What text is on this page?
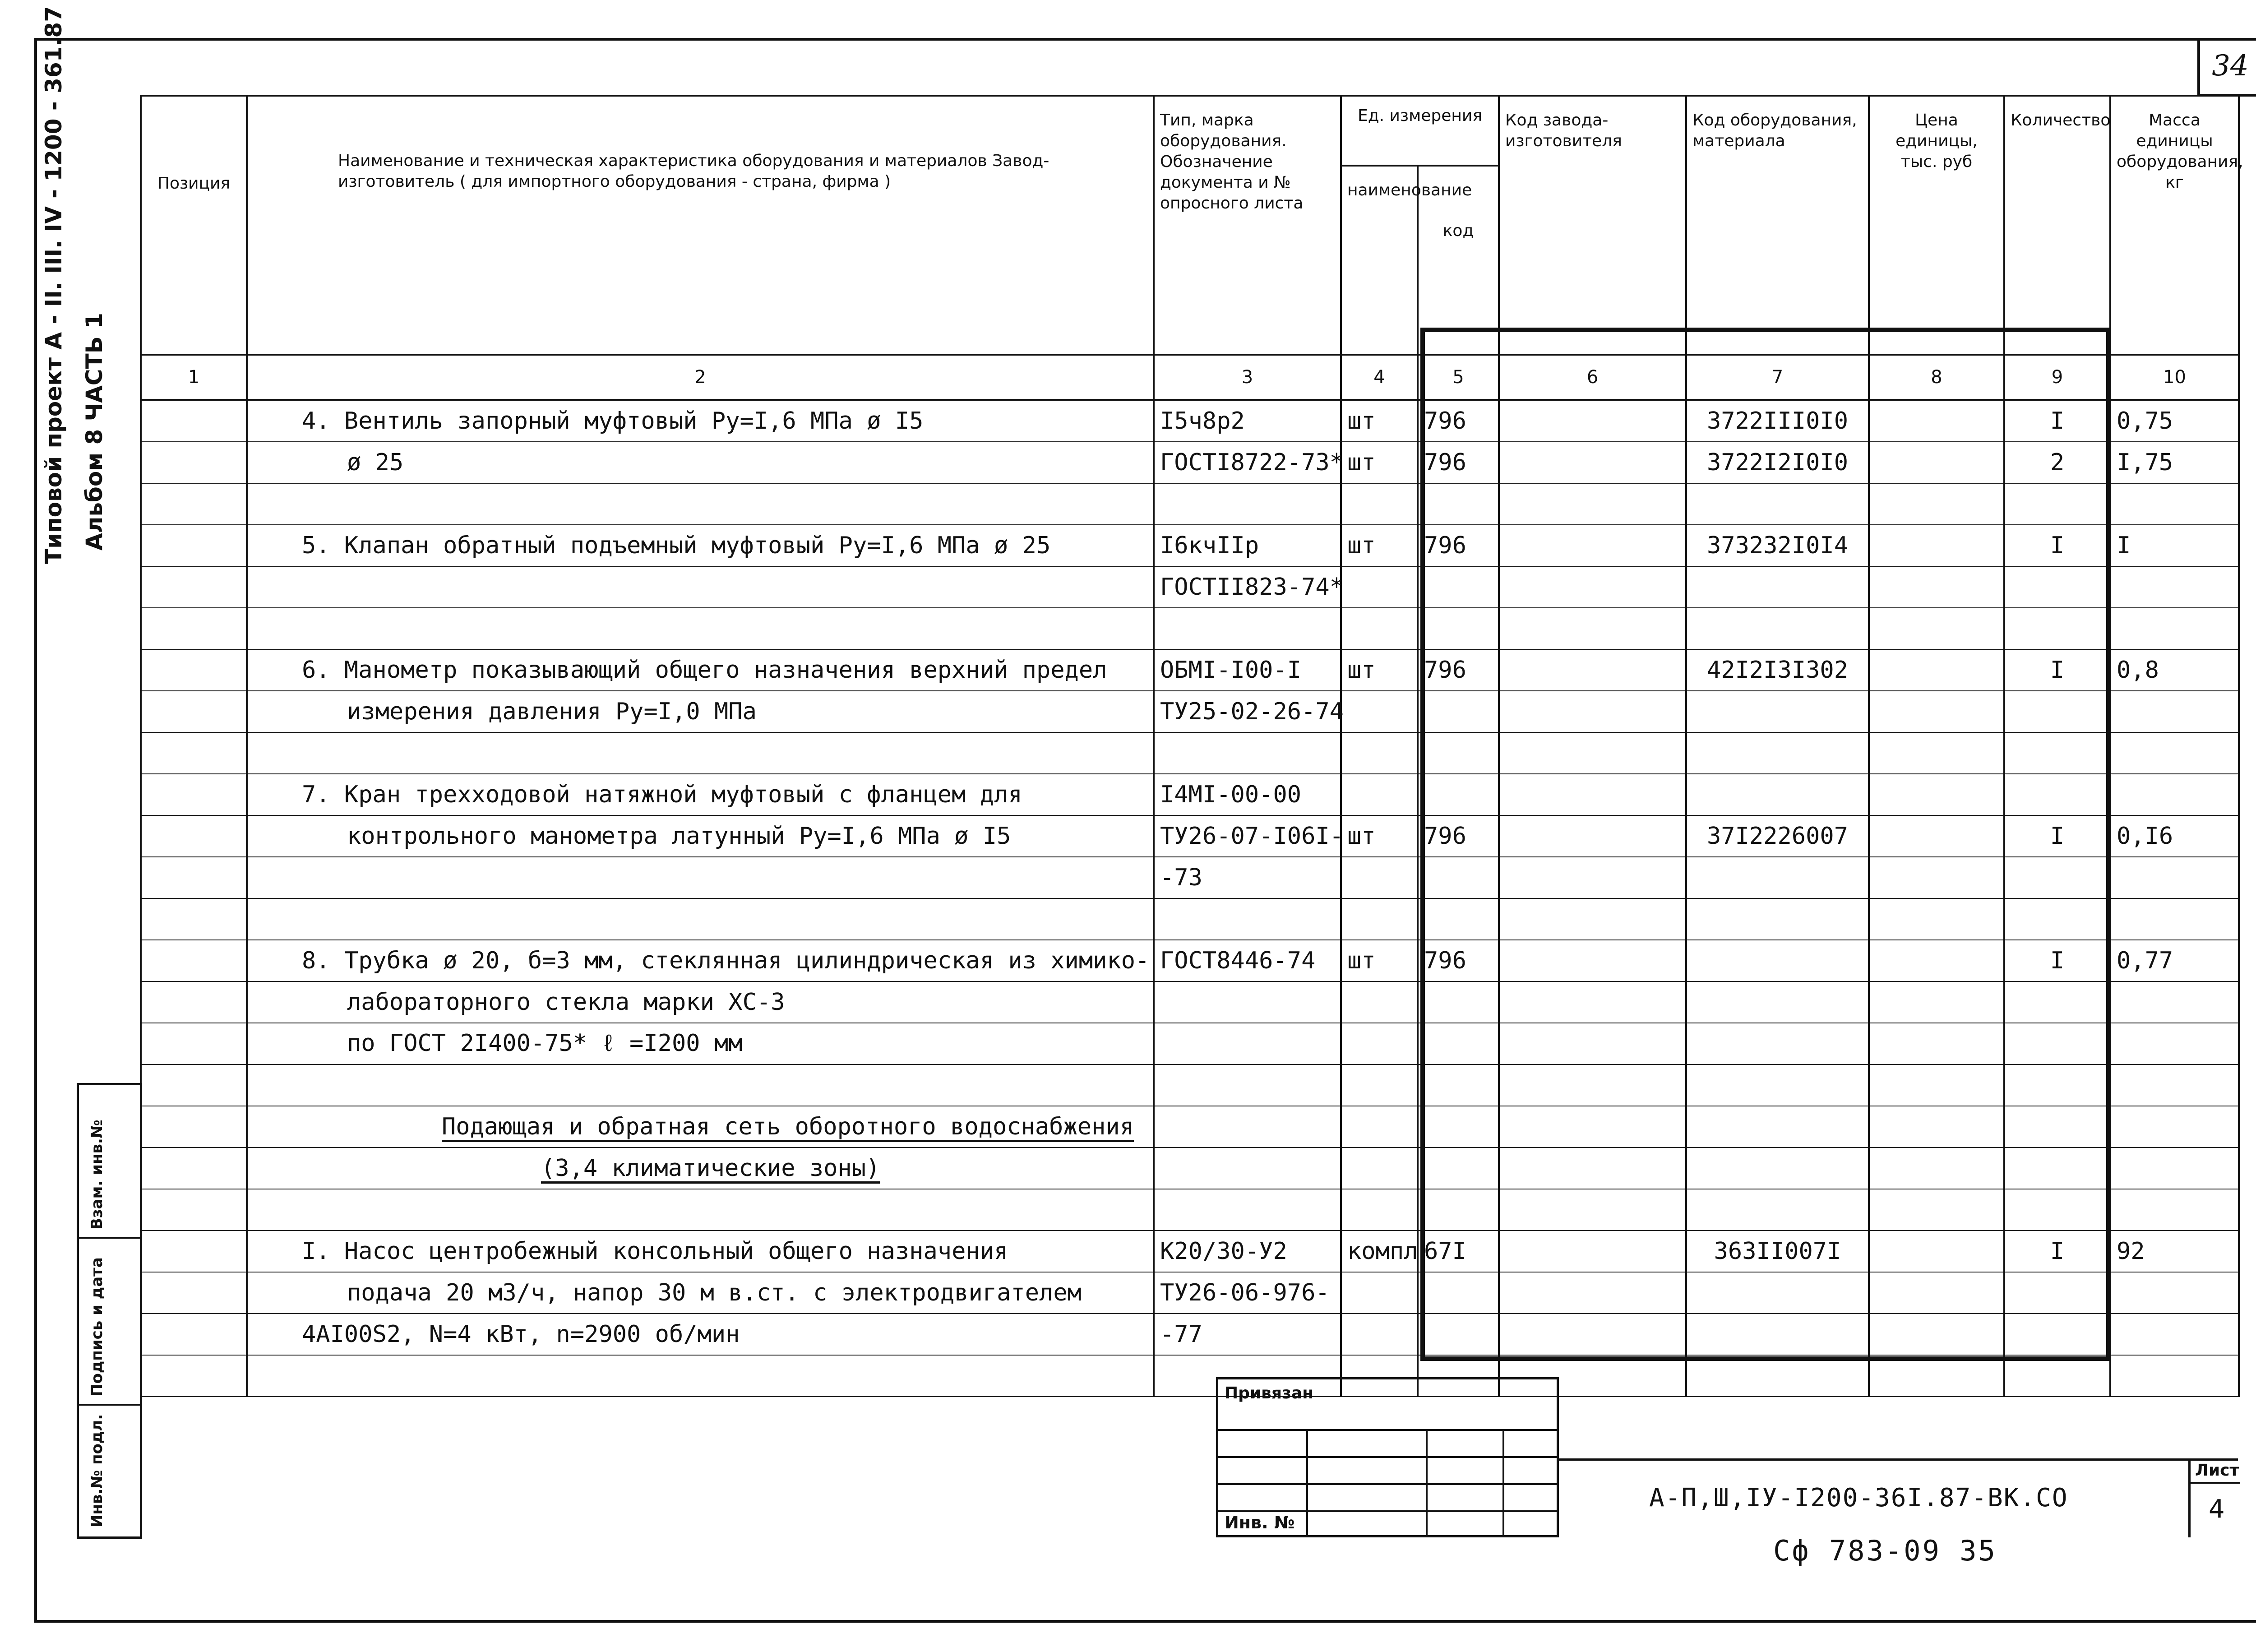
34
Типовой проект А - II. III. IV - 1200 - 361.87 Альбом 8 ЧАСТЬ 1
Взам. инв.№
Подпись и дата
Инв.№ подл.
Позиция	Наименование и техническая характеристика оборудования и материалов Завод-изготовитель ( для импортного оборудования - страна, фирма )	Тип, марка оборудования. Обозначение документа и № опросного листа	Ед. измерения		Код завода-изготовителя	Код оборудования, материала	Цена единицы, тыс. руб	Количество	Масса единицы оборудования, кг
			наименование	код					
1	2	3	4	5	6	7	8	9	10
	4. Вентиль запорный муфтовый Ру=I,6 МПа ø I5	I5ч8р2	шт	796		3722III0I0		I	0,75
	ø 25	ГОСТI8722-73*	шт	796		3722I2I0I0		2	I,75

	5. Клапан обратный подъемный муфтовый Ру=I,6 МПа ø 25	I6кчIIр	шт	796		373232I0I4		I	I
		ГОСТII823-74*							

	6. Манометр показывающий общего назначения верхний предел	ОБМI-I00-I	шт	796		42I2I3I302		I	0,8
	измерения давления Ру=I,0 МПа	ТУ25-02-26-74							

	7. Кран трехходовой натяжной муфтовый с фланцем для	I4МI-00-00							
	контрольного манометра латунный Ру=I,6 МПа ø I5	ТУ26-07-I06I-	шт	796		37I2226007		I	0,I6
		-73							

	8. Трубка ø 20, б=3 мм, стеклянная цилиндрическая из химико-	ГОСТ8446-74	шт	796				I	0,77
	лабораторного стекла марки ХС-3								
	по ГОСТ 2I400-75* ℓ =I200 мм								

	Подающая и обратная сеть оборотного водоснабжения								
	(3,4 климатические зоны)								

	I. Насос центробежный консольный общего назначения	К20/30-У2	компл	67I		363II007I		I	92
	подача 20 м3/ч, напор 30 м в.ст. с электродвигателем	ТУ26-06-976-							
	4АI00S2, N=4 кВт, n=2900 об/мин	-77							

Привязан
Инв. №
А-П,Ш,IУ-I200-36I.87-ВК.СО
Лист
4
Сф 783-09 35
